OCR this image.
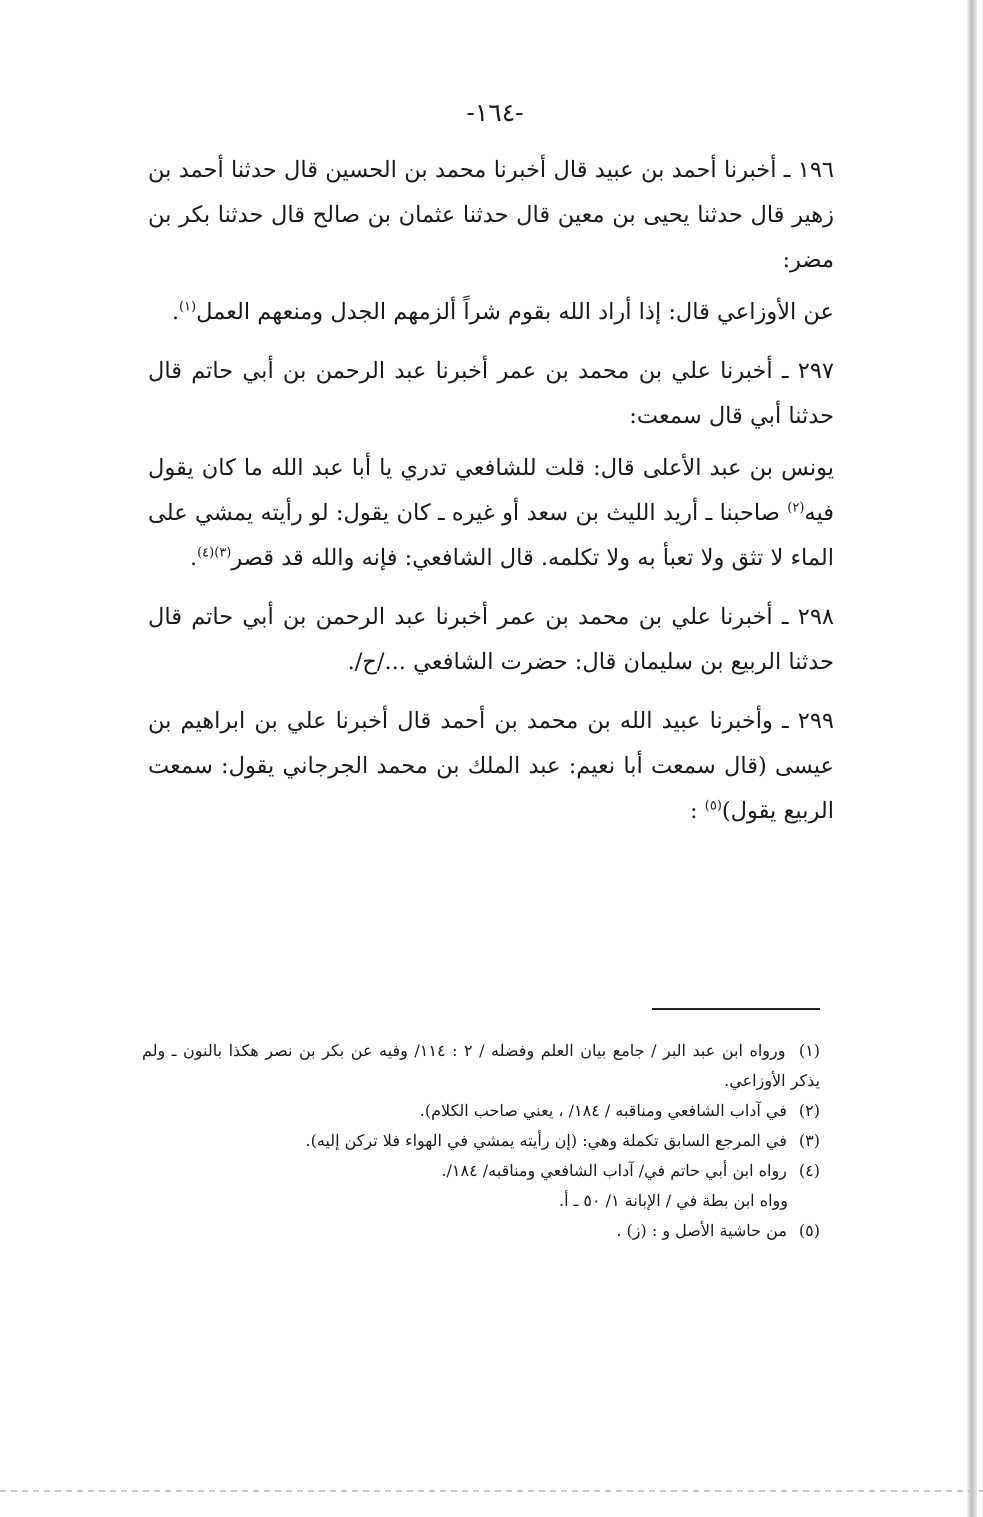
-١٦٤-

١٩٦ ـ أخبرنا أحمد بن عبيد قال أخبرنا محمد بن الحسين قال حدثنا أحمد بن زهير قال حدثنا يحيى بن معين قال حدثنا عثمان بن صالح قال حدثنا بكر بن مضر:

عن الأوزاعي قال: إذا أراد الله بقوم شراً ألزمهم الجدل ومنعهم العمل$^{(١)}$.

٢٩٧ ـ أخبرنا علي بن محمد بن عمر أخبرنا عبد الرحمن بن أبي حاتم قال حدثنا أبي قال سمعت:

يونس بن عبد الأعلى قال: قلت للشافعي تدري يا أبا عبد الله ما كان يقول فيه$^{(٢)}$ صاحبنا ـ أريد الليث بن سعد أو غيره ـ كان يقول: لو رأيته يمشي على الماء لا تثق ولا تعبأ به ولا تكلمه. قال الشافعي: فإنه والله قد قصر$^{(٣)(٤)}$.

٢٩٨ ـ أخبرنا علي بن محمد بن عمر أخبرنا عبد الرحمن بن أبي حاتم قال حدثنا الربيع بن سليمان قال: حضرت الشافعي .../ح/.

٢٩٩ ـ وأخبرنا عبيد الله بن محمد بن أحمد قال أخبرنا علي بن ابراهيم بن عيسى (قال سمعت أبا نعيم: عبد الملك بن محمد الجرجاني يقول: سمعت الربيع يقول)$^{(٥)}$ :

(١) ورواه ابن عبد البر / جامع بيان العلم وفضله / ٢ : ١١٤/ وفيه عن بكر بن نصر هكذا بالنون ـ ولم يذكر الأوزاعي.

(٢) في آداب الشافعي ومناقبه / ١٨٤/ ، يعني صاحب الكلام).

(٣) في المرجع السابق تكملة وهي: (إن رأيته يمشي في الهواء فلا تركن إليه).

(٤) رواه ابن أبي حاتم في/ آداب الشافعي ومناقبه/ ١٨٤/.

وواه ابن بطة في / الإبانة ١/ ٥٠ ـ أ.

(٥) من حاشية الأصل و : (ز) .
